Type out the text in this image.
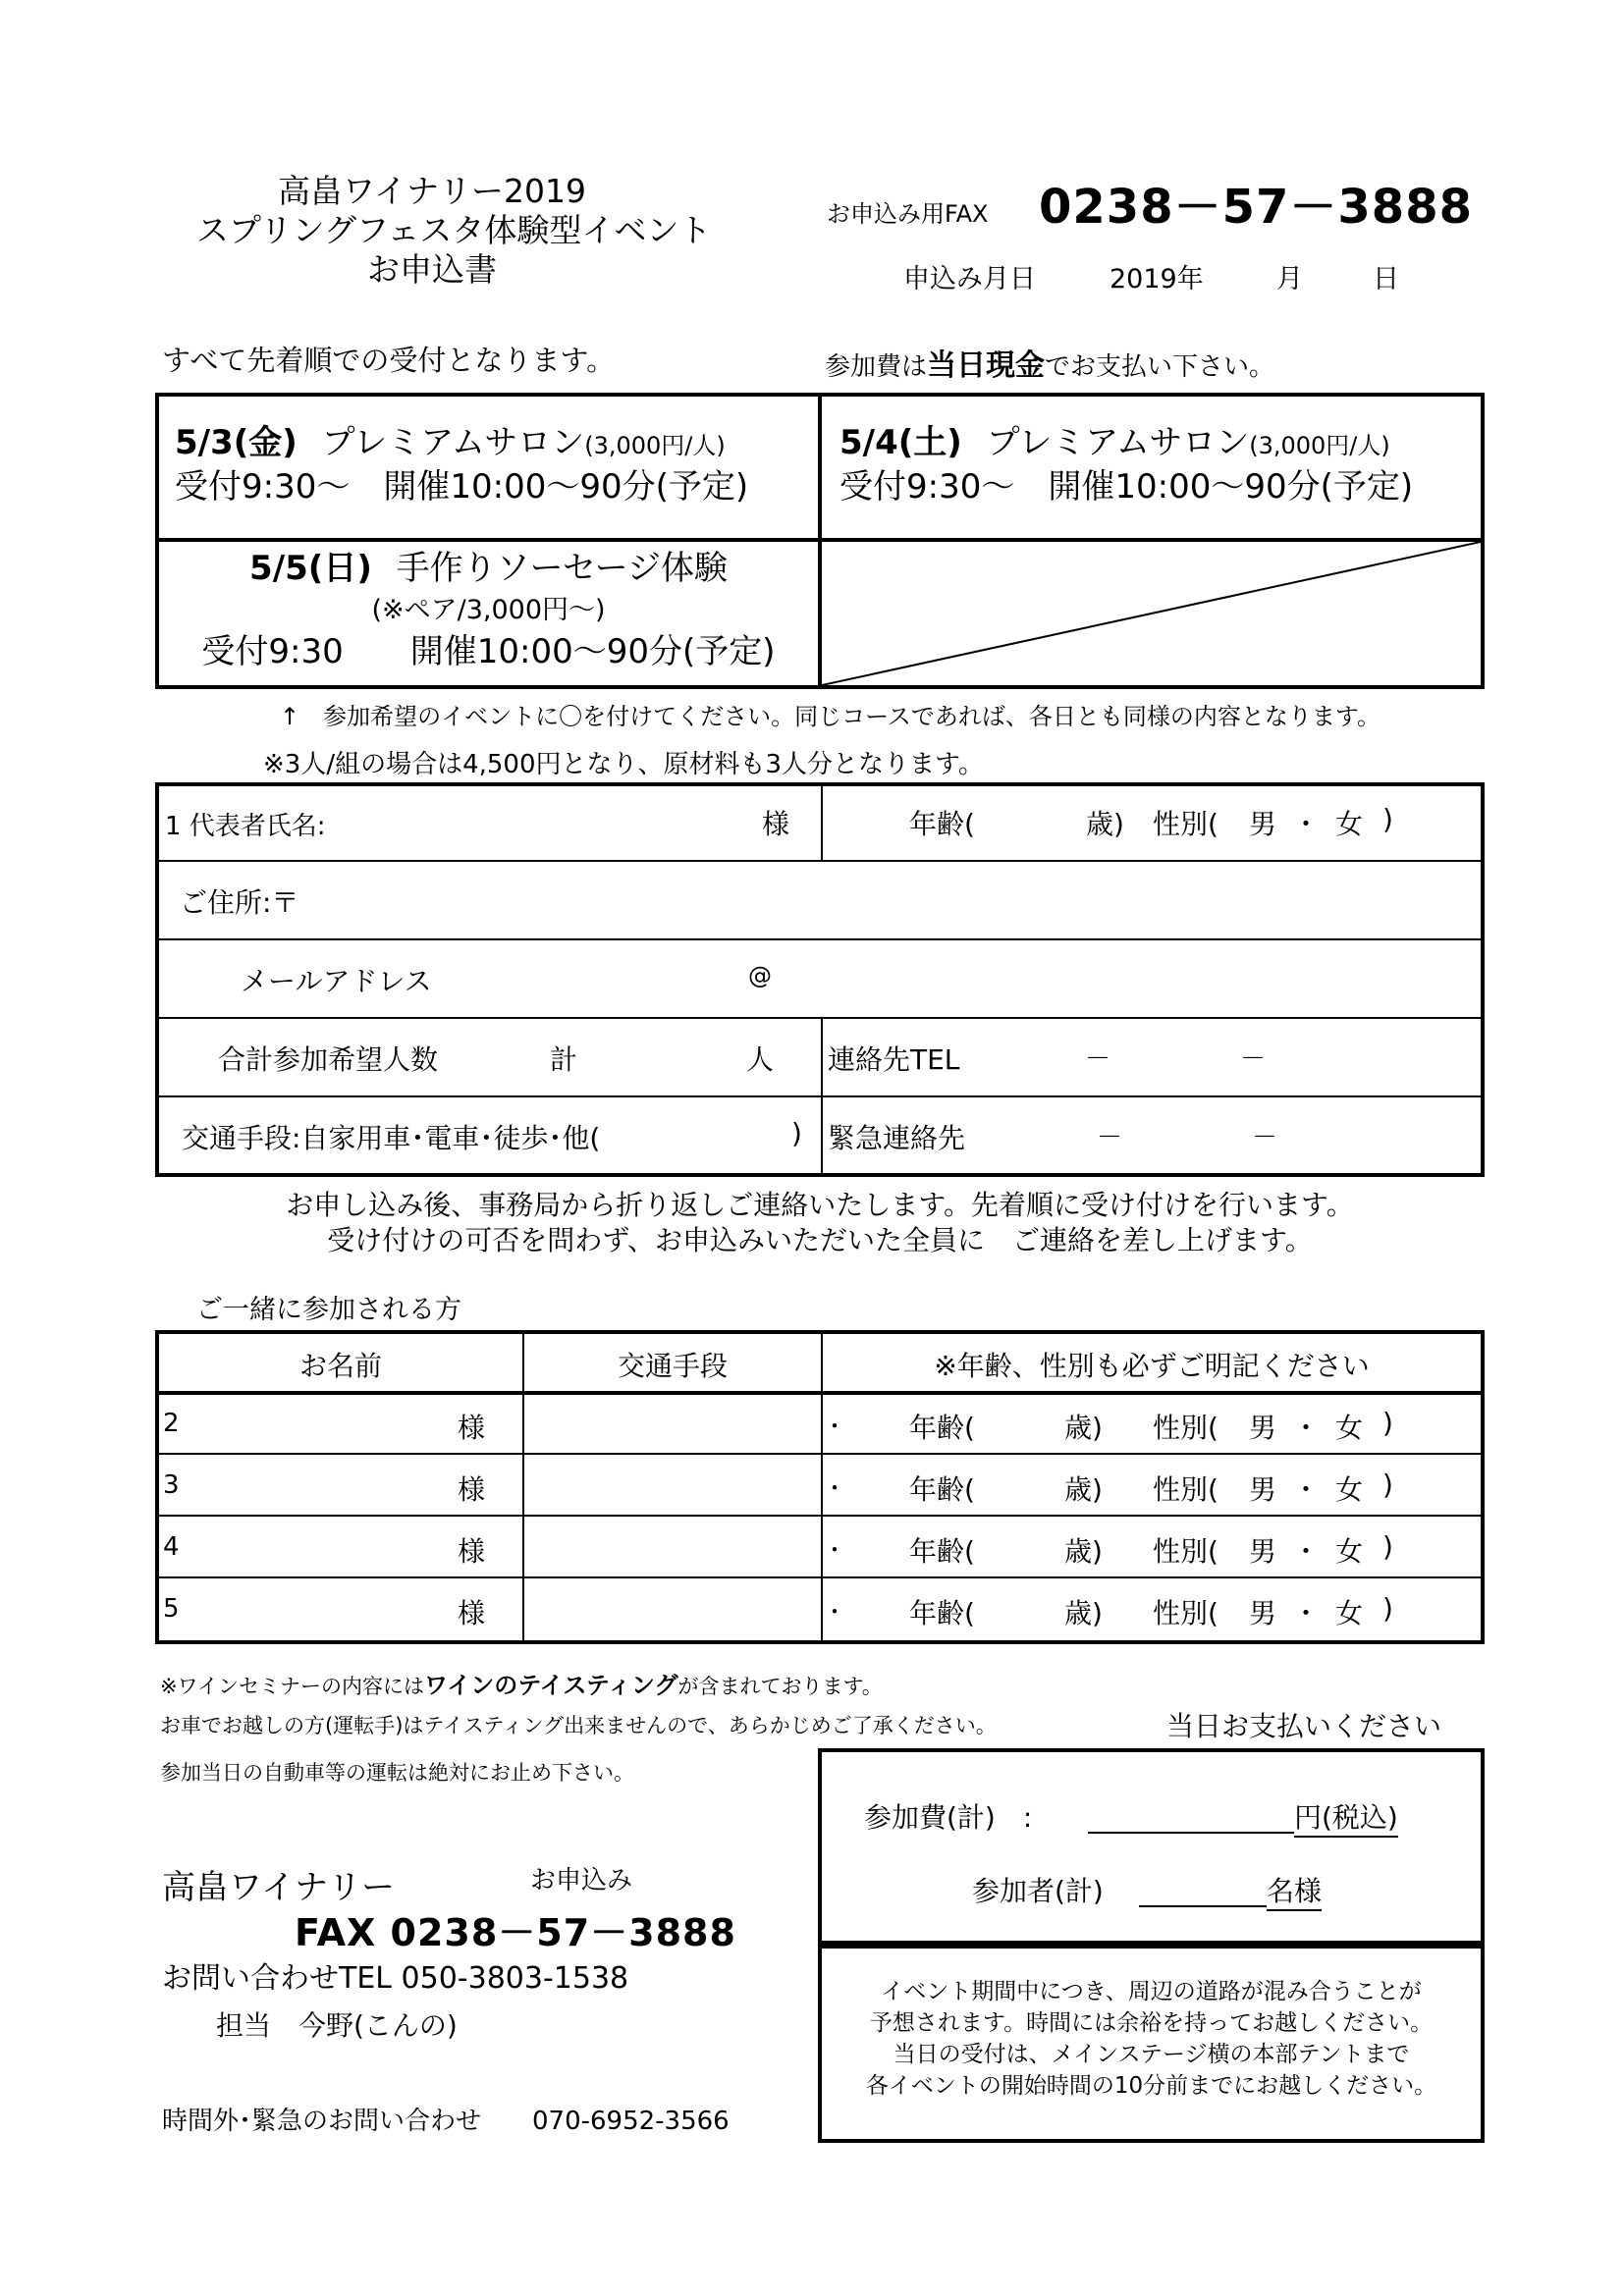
高畠ワイナリー2019
スプリングフェスタ体験型イベント
お申込書
お申込み用FAX 0238－57－3888
申込み月日	2019年	月	日
すべて先着順での受付となります。	参加費は当日現金でお支払い下さい。
5/3(金) プレミアムサロン(3,000円/人)
受付9:30～　開催10:00～90分(予定)
5/4(土) プレミアムサロン(3,000円/人)
受付9:30～　開催10:00～90分(予定)
5/5(日) 手作りソーセージ体験
(※ペア/3,000円～)
受付9:30　　開催10:00～90分(予定)
↑　参加希望のイベントに〇を付けてください。同じコースであれば、各日とも同様の内容となります。
※3人/組の場合は4,500円となり、原材料も3人分となります。
1 代表者氏名:	様	年齢(	歳) 性別( 男 ・ 女 )
ご住所:〒
メールアドレス	@
合計参加希望人数	計	人 連絡先TEL	－	－
交通手段:自家用車･電車･徒歩･他(	) 緊急連絡先	－	－
お申し込み後、事務局から折り返しご連絡いたします。先着順に受け付けを行います。
受け付けの可否を問わず、お申込みいただいた全員に　ご連絡を差し上げます。
ご一緒に参加される方
お名前	交通手段	※年齢、性別も必ずご明記ください
2	様	・ 年齢(	歳) 性別( 男 ・ 女 )
3	様	・ 年齢(	歳) 性別( 男 ・ 女 )
4	様	・ 年齢(	歳) 性別( 男 ・ 女 )
5	様	・ 年齢(	歳) 性別( 男 ・ 女 )
※ワインセミナーの内容にはワインのテイスティングが含まれております。
お車でお越しの方(運転手)はテイスティング出来ませんので、あらかじめご了承ください。	当日お支払いください
参加当日の自動車等の運転は絶対にお止め下さい。
参加費(計)　:	円(税込)
参加者(計)	名様
高畠ワイナリー	お申込み
FAX 0238－57－3888
お問い合わせTEL 050-3803-1538
担当　今野(こんの)
時間外･緊急のお問い合わせ　　070-6952-3566
イベント期間中につき、周辺の道路が混み合うことが
予想されます。時間には余裕を持ってお越しください。
当日の受付は、メインステージ横の本部テントまで
各イベントの開始時間の10分前までにお越しください。
